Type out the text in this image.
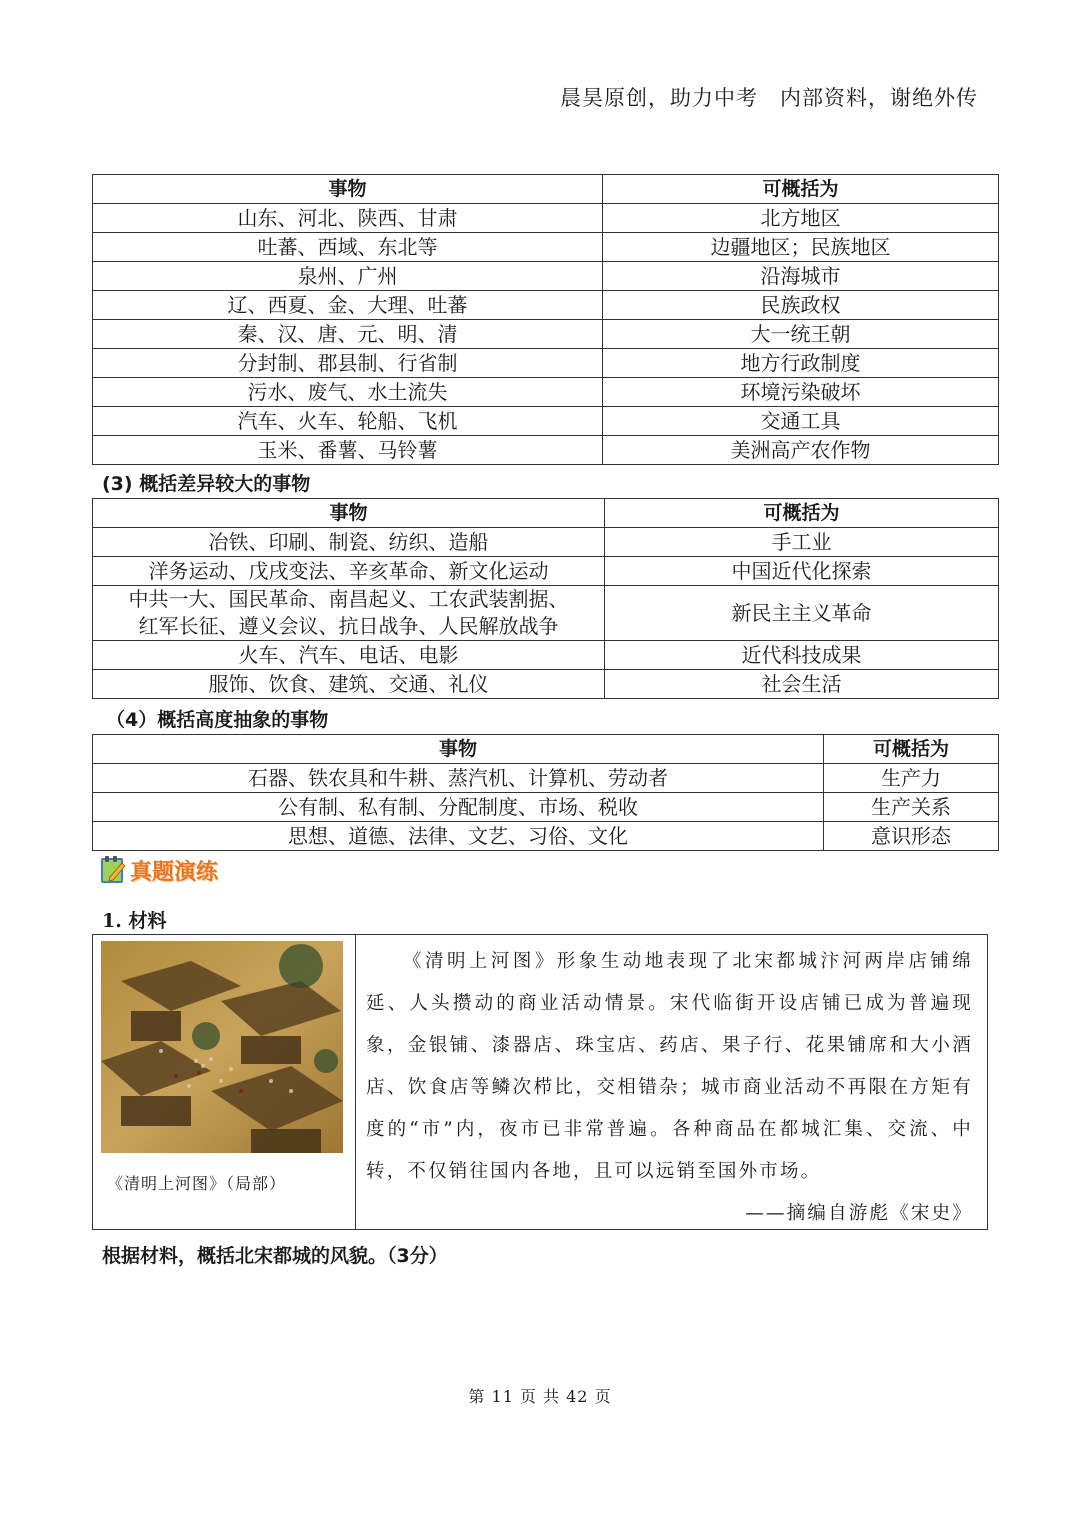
晨昊原创，助力中考　内部资料，谢绝外传
事物	可概括为
山东、河北、陕西、甘肃	北方地区
吐蕃、西域、东北等	边疆地区；民族地区
泉州、广州	沿海城市
辽、西夏、金、大理、吐蕃	民族政权
秦、汉、唐、元、明、清	大一统王朝
分封制、郡县制、行省制	地方行政制度
污水、废气、水土流失	环境污染破坏
汽车、火车、轮船、飞机	交通工具
玉米、番薯、马铃薯	美洲高产农作物
(3) 概括差异较大的事物
事物	可概括为
冶铁、印刷、制瓷、纺织、造船	手工业
洋务运动、戊戌变法、辛亥革命、新文化运动	中国近代化探索

中共一大、国民革命、南昌起义、工农武装割据、
红军长征、遵义会议、抗日战争、人民解放战争	新民主主义革命
火车、汽车、电话、电影	近代科技成果
服饰、饮食、建筑、交通、礼仪	社会生活
（4）概括高度抽象的事物
事物	可概括为
石器、铁农具和牛耕、蒸汽机、计算机、劳动者	生产力
公有制、私有制、分配制度、市场、税收	生产关系
思想、道德、法律、文艺、习俗、文化	意识形态
真题演练
1. 材料
《清明上河图》（局部）

《清明上河图》形象生动地表现了北宋都城汴河两岸店铺绵延、人头攒动的商业活动情景。宋代临街开设店铺已成为普遍现象，金银铺、漆器店、珠宝店、药店、果子行、花果铺席和大小酒店、饮食店等鳞次栉比，交相错杂；城市商业活动不再限在方矩有度的“市”内，夜市已非常普遍。各种商品在都城汇集、交流、中转，不仅销往国内各地，且可以远销至国外市场。

——摘编自游彪《宋史》
根据材料，概括北宋都城的风貌。（3分）
第 11 页 共 42 页
